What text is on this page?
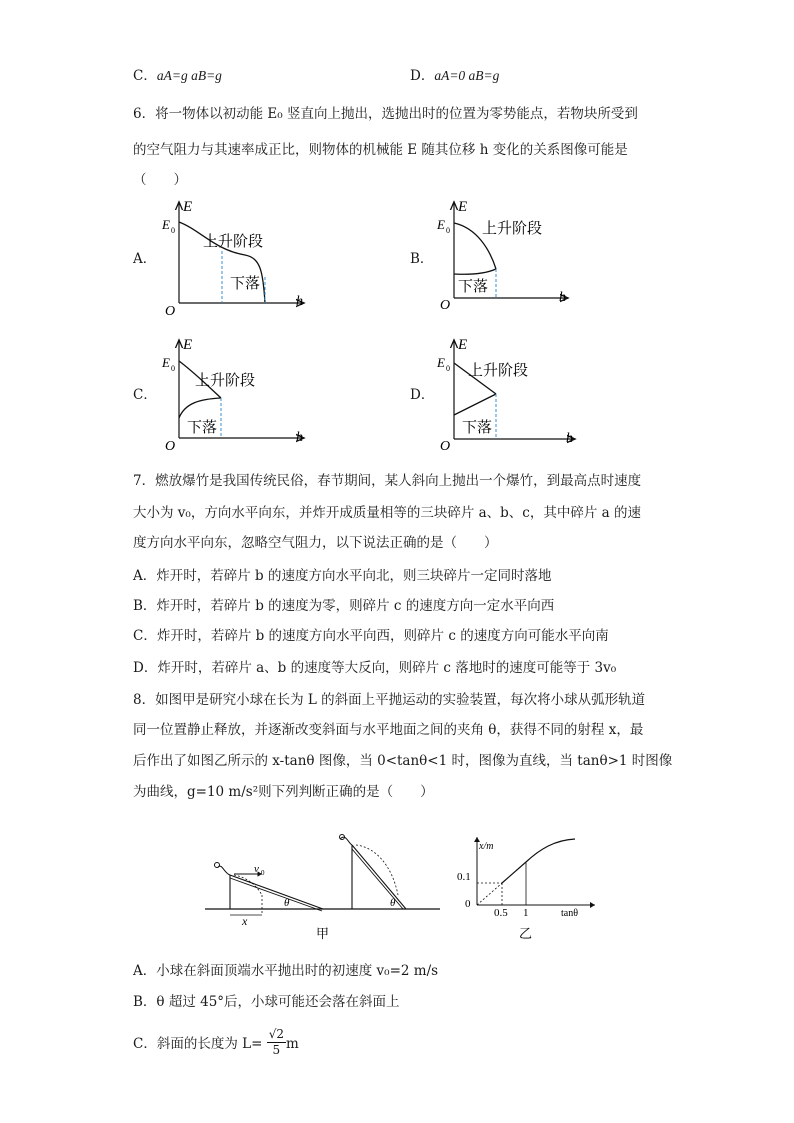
C．aA=g aB=g	D．aA=0 aB=g
6．将一物体以初动能 E₀ 竖直向上抛出，选抛出时的位置为零势能点，若物块所受到
的空气阻力与其速率成正比，则物体的机械能 E 随其位移 h 变化的关系图像可能是
（　　）
A．	B．
C．	D．
E
E 0
O
h
上升阶段
下落
E
E 0
O
h
上升阶段
下落
E
E 0
O
h
上升阶段
下落
E
E 0
O
h
上升阶段
下落
7．燃放爆竹是我国传统民俗，春节期间，某人斜向上抛出一个爆竹，到最高点时速度
大小为 v₀，方向水平向东，并炸开成质量相等的三块碎片 a、b、c，其中碎片 a 的速
度方向水平向东，忽略空气阻力，以下说法正确的是（　　）
A．炸开时，若碎片 b 的速度方向水平向北，则三块碎片一定同时落地
B．炸开时，若碎片 b 的速度为零，则碎片 c 的速度方向一定水平向西
C．炸开时，若碎片 b 的速度方向水平向西，则碎片 c 的速度方向可能水平向南
D．炸开时，若碎片 a、b 的速度等大反向，则碎片 c 落地时的速度可能等于 3v₀
8．如图甲是研究小球在长为 L 的斜面上平抛运动的实验装置，每次将小球从弧形轨道
同一位置静止释放，并逐渐改变斜面与水平地面之间的夹角 θ，获得不同的射程 x，最
后作出了如图乙所示的 x-tanθ 图像，当 0<tanθ<1 时，图像为直线，当 tanθ>1 时图像
为曲线，g=10 m/s²则下列判断正确的是（　　）
v 0
x
θ	θ
甲
x/m
0.1
0
0.5 1	tanθ
乙
A．小球在斜面顶端水平抛出时的初速度 v₀=2 m/s
B．θ 超过 45°后，小球可能还会落在斜面上
C．斜面的长度为 $L= \frac{√2}{5}$ m
